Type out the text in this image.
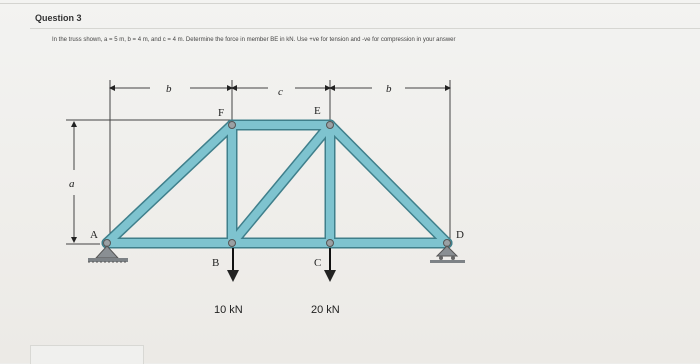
Question 3
In the truss shown, a = 5 m, b = 4 m, and c = 4 m. Determine the force in member BE in kN. Use +ve for tension and -ve for compression in your answer
b	c	b
a
A
B	C
D
E
F
10 kN	20 kN
